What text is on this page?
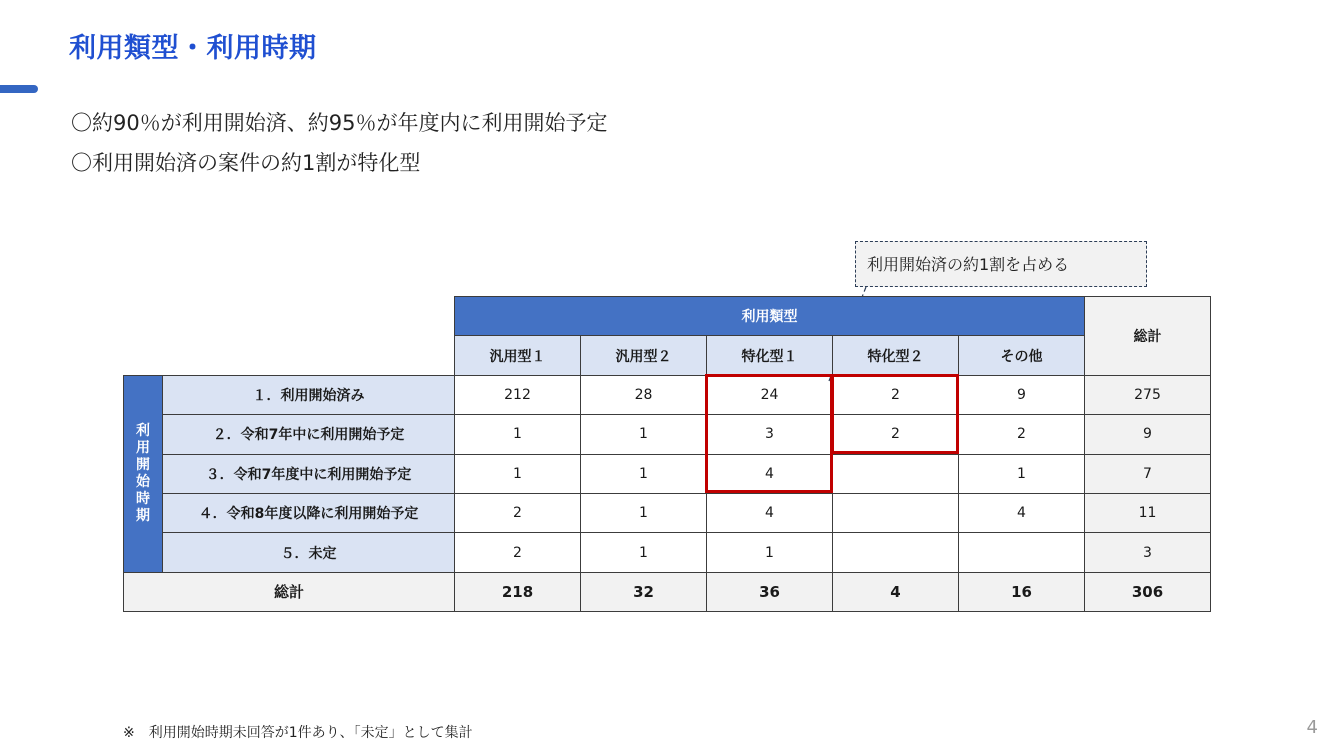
利用類型・利用時期
〇約90％が利用開始済、約95％が年度内に利用開始予定
〇利用開始済の案件の約1割が特化型
利用開始済の約1割を占める
		利用類型					総計
		汎用型１	汎用型２	特化型１	特化型２	その他	
利用開始時期	１．利用開始済み	212	28	24	2	9	275
	２．令和7年中に利用開始予定	1	1	3	2	2	9
	３．令和7年度中に利用開始予定	1	1	4		1	7
	４．令和8年度以降に利用開始予定	2	1	4		4	11
	５．未定	2	1	1			3
総計		218	32	36	4	16	306
※　利用開始時期未回答が1件あり、「未定」として集計	4
